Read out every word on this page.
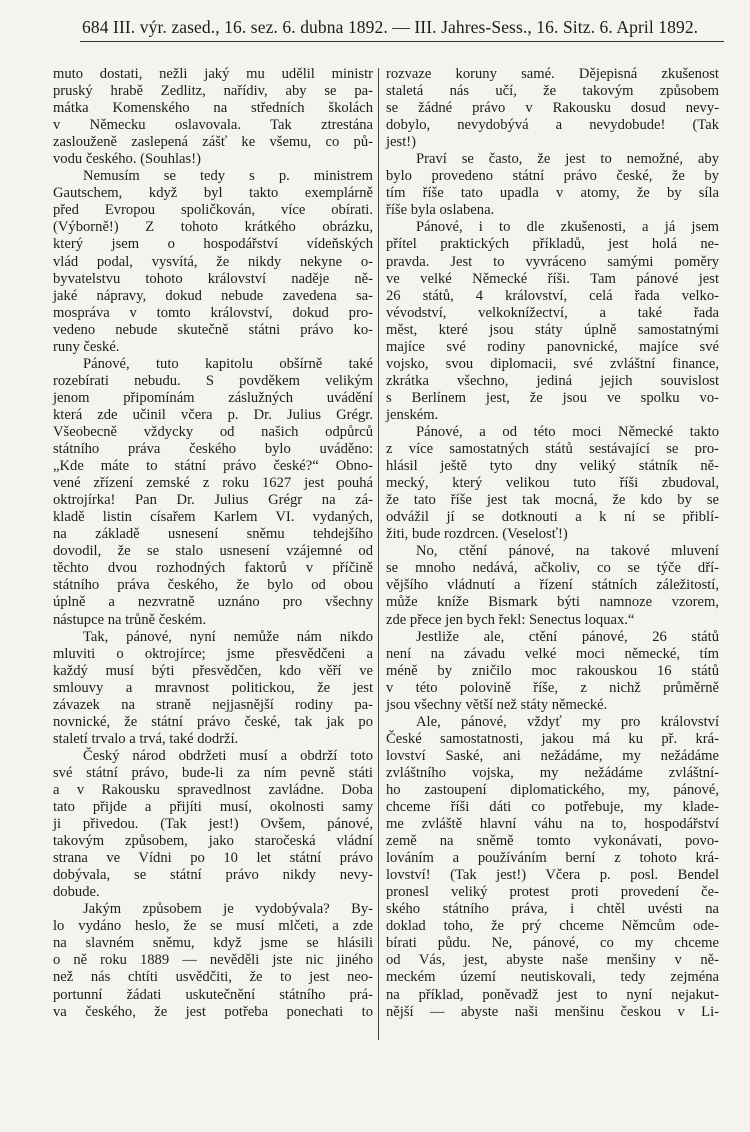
684 III. výr. zased., 16. sez. 6. dubna 1892. — III. Jahres-Sess., 16. Sitz. 6. April 1892.
muto dostati, nežli jaký mu udělil ministr
pruský hrabě Zedlitz, nařídiv, aby se pa-
mátka Komenského na středních školách
v Německu oslavovala. Tak ztrestána
zaslouženě zaslepená zášť ke všemu, co pů-
vodu českého. (Souhlas!)
Nemusím se tedy s p. ministrem
Gautschem, když byl takto exemplárně
před Evropou spoličkován, více obírati.
(Výborně!) Z tohoto krátkého obrázku,
který jsem o hospodářství vídeňských
vlád podal, vysvítá, že nikdy nekyne o-
byvatelstvu tohoto království naděje ně-
jaké nápravy, dokud nebude zavedena sa-
mospráva v tomto království, dokud pro-
vedeno nebude skutečně státni právo ko-
runy české.
Pánové, tuto kapitolu obšírně také
rozebírati nebudu. S povděkem velikým
jenom připomínám záslužných uvádění
která zde učinil včera p. Dr. Julius Grégr.
Všeobecně vždycky od našich odpůrců
státního práva českého bylo uváděno:
„Kde máte to státní právo české?“ Obno-
vené zřízení zemské z roku 1627 jest pouhá
oktrojírka! Pan Dr. Julius Grégr na zá-
kladě listin císařem Karlem VI. vydaných,
na základě usnesení sněmu tehdejšího
dovodil, že se stalo usnesení vzájemné od
těchto dvou rozhodných faktorů v příčině
státního práva českého, že bylo od obou
úplně a nezvratně uznáno pro všechny
nástupce na trůně českém.
Tak, pánové, nyní nemůže nám nikdo
mluviti o oktrojírce; jsme přesvědčeni a
každý musí býti přesvědčen, kdo věří ve
smlouvy a mravnost politickou, že jest
závazek na straně nejjasnější rodiny pa-
novnické, že státní právo české, tak jak po
staletí trvalo a trvá, také dodrží.
Český národ obdržeti musí a obdrží toto
své státní právo, bude-li za ním pevně státi
a v Rakousku spravedlnost zavládne. Doba
tato přijde a přijíti musí, okolnosti samy
ji přivedou. (Tak jest!) Ovšem, pánové,
takovým způsobem, jako staročeská vládní
strana ve Vídni po 10 let státní právo
dobývala, se státní právo nikdy nevy-
dobude.
Jakým způsobem je vydobývala? By-
lo vydáno heslo, že se musí mlčeti, a zde
na slavném sněmu, když jsme se hlásili
o ně roku 1889 — nevěděli jste nic jiného
než nás chtíti usvědčiti, že to jest neo-
portunní žádati uskutečnění státního prá-
va českého, že jest potřeba ponechati to
rozvaze koruny samé. Dějepisná zkušenost
staletá nás učí, že takovým způsobem
se žádné právo v Rakousku dosud nevy-
dobylo, nevydobývá a nevydobude! (Tak
jest!)
Praví se často, že jest to nemožné, aby
bylo provedeno státní právo české, že by
tím říše tato upadla v atomy, že by síla
říše byla oslabena.
Pánové, i to dle zkušenosti, a já jsem
přítel praktických příkladů, jest holá ne-
pravda. Jest to vyvráceno samými poměry
ve velké Německé říši. Tam pánové jest
26 států, 4 království, celá řada velko-
vévodství, velkoknížectví, a také řada
měst, které jsou státy úplně samostatnými
majíce své rodiny panovnické, majíce své
vojsko, svou diplomacii, své zvláštní finance,
zkrátka všechno, jediná jejich souvislost
s Berlínem jest, že jsou ve spolku vo-
jenském.
Pánové, a od této moci Německé takto
z více samostatných států sestávající se pro-
hlásil ještě tyto dny veliký státník ně-
mecký, který velikou tuto říši zbudoval,
že tato říše jest tak mocná, že kdo by se
odvážil jí se dotknouti a k ní se přiblí-
žiti, bude rozdrcen. (Veselosť!)
No, ctění pánové, na takové mluvení
se mnoho nedává, ačkoliv, co se týče dří-
vějšího vládnutí a řízení státních záležitostí,
může kníže Bismark býti namnoze vzorem,
zde přece jen bych řekl: Senectus loquax.“
Jestliže ale, ctění pánové, 26 států
není na závadu velké moci německé, tím
méně by zničilo moc rakouskou 16 států
v této polovině říše, z nichž průměrně
jsou všechny větší než státy německé.
Ale, pánové, vždyť my pro království
České samostatnosti, jakou má ku př. krá-
lovství Saské, ani nežádáme, my nežádáme
zvláštního vojska, my nežádáme zvláštní-
ho zastoupení diplomatického, my, pánové,
chceme říši dáti co potřebuje, my klade-
me zvláště hlavní váhu na to, hospodářství
země na sněmě tomto vykonávati, povo-
lováním a používáním berní z tohoto krá-
lovství! (Tak jest!) Včera p. posl. Bendel
pronesl veliký protest proti provedení če-
ského státního práva, i chtěl uvésti na
doklad toho, že prý chceme Němcům ode-
bírati půdu. Ne, pánové, co my chceme
od Vás, jest, abyste naše menšiny v ně-
meckém území neutiskovali, tedy zejména
na příklad, poněvadž jest to nyní nejakut-
nější — abyste naši menšinu českou v Li-
